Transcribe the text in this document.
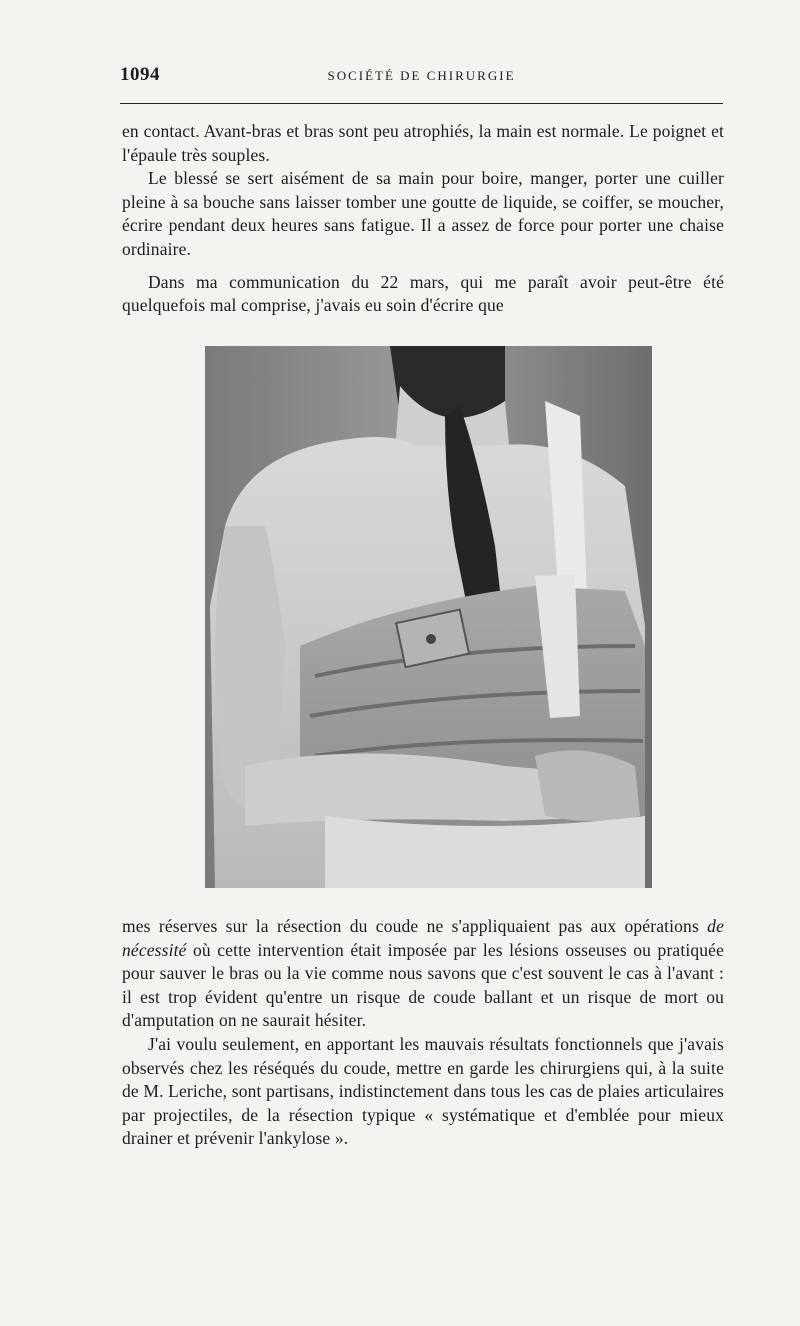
1094	SOCIÉTÉ DE CHIRURGIE

en contact. Avant-bras et bras sont peu atrophiés, la main est normale. Le poignet et l'épaule très souples.

Le blessé se sert aisément de sa main pour boire, manger, porter une cuiller pleine à sa bouche sans laisser tomber une goutte de liquide, se coiffer, se moucher, écrire pendant deux heures sans fatigue. Il a assez de force pour porter une chaise ordinaire.

Dans ma communication du 22 mars, qui me paraît avoir peut-être été quelquefois mal comprise, j'avais eu soin d'écrire que

mes réserves sur la résection du coude ne s'appliquaient pas aux opérations de nécessité où cette intervention était imposée par les lésions osseuses ou pratiquée pour sauver le bras ou la vie comme nous savons que c'est souvent le cas à l'avant : il est trop évident qu'entre un risque de coude ballant et un risque de mort ou d'amputation on ne saurait hésiter.

J'ai voulu seulement, en apportant les mauvais résultats fonctionnels que j'avais observés chez les réséqués du coude, mettre en garde les chirurgiens qui, à la suite de M. Leriche, sont partisans, indistinctement dans tous les cas de plaies articulaires par projectiles, de la résection typique « systématique et d'emblée pour mieux drainer et prévenir l'ankylose ».
